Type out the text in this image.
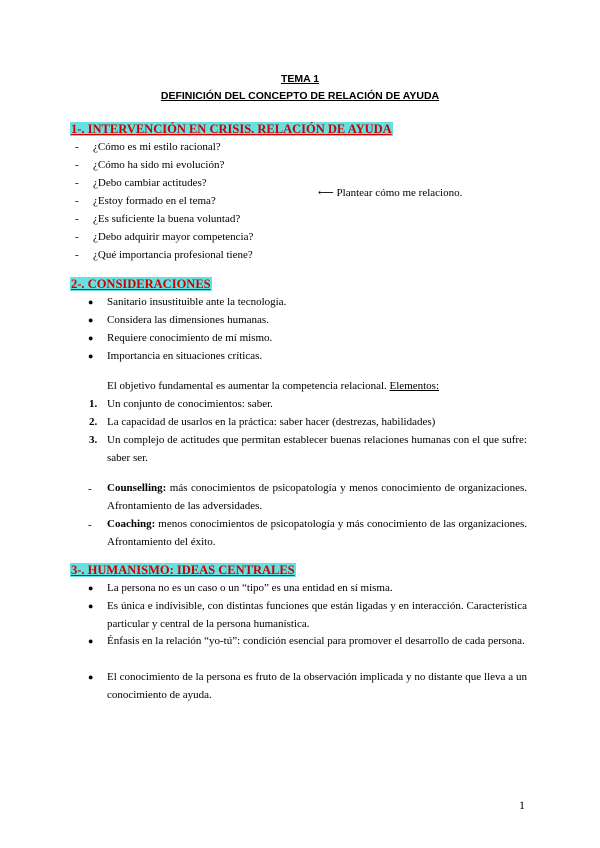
TEMA 1
DEFINICIÓN DEL CONCEPTO DE RELACIÓN DE AYUDA
1-. INTERVENCIÓN EN CRISIS. RELACIÓN DE AYUDA
- ¿Cómo es mi estilo racional?
- ¿Cómo ha sido mi evolución?
- ¿Debo cambiar actitudes?
- ¿Estoy formado en el tema?
- ¿Es suficiente la buena voluntad?
- ¿Debo adquirir mayor competencia?
- ¿Qué importancia profesional tiene?
⟵ Plantear cómo me relaciono.
2-. CONSIDERACIONES
● Sanitario insustituible ante la tecnología.
● Considera las dimensiones humanas.
● Requiere conocimiento de mí mismo.
● Importancia en situaciones críticas.
El objetivo fundamental es aumentar la competencia relacional. Elementos:
1. Un conjunto de conocimientos: saber.
2. La capacidad de usarlos en la práctica: saber hacer (destrezas, habilidades)
3. Un complejo de actitudes que permitan establecer buenas relaciones humanas con el que sufre: saber ser.
- Counselling: más conocimientos de psicopatología y menos conocimiento de organizaciones. Afrontamiento de las adversidades.
- Coaching: menos conocimientos de psicopatología y más conocimiento de las organizaciones. Afrontamiento del éxito.
3-. HUMANISMO: IDEAS CENTRALES
● La persona no es un caso o un “tipo” es una entidad en sí misma.
● Es única e indivisible, con distintas funciones que están ligadas y en interacción. Característica particular y central de la persona humanística.
● Énfasis en la relación “yo-tú”: condición esencial para promover el desarrollo de cada persona.
● El conocimiento de la persona es fruto de la observación implicada y no distante que lleva a un conocimiento de ayuda.
1
